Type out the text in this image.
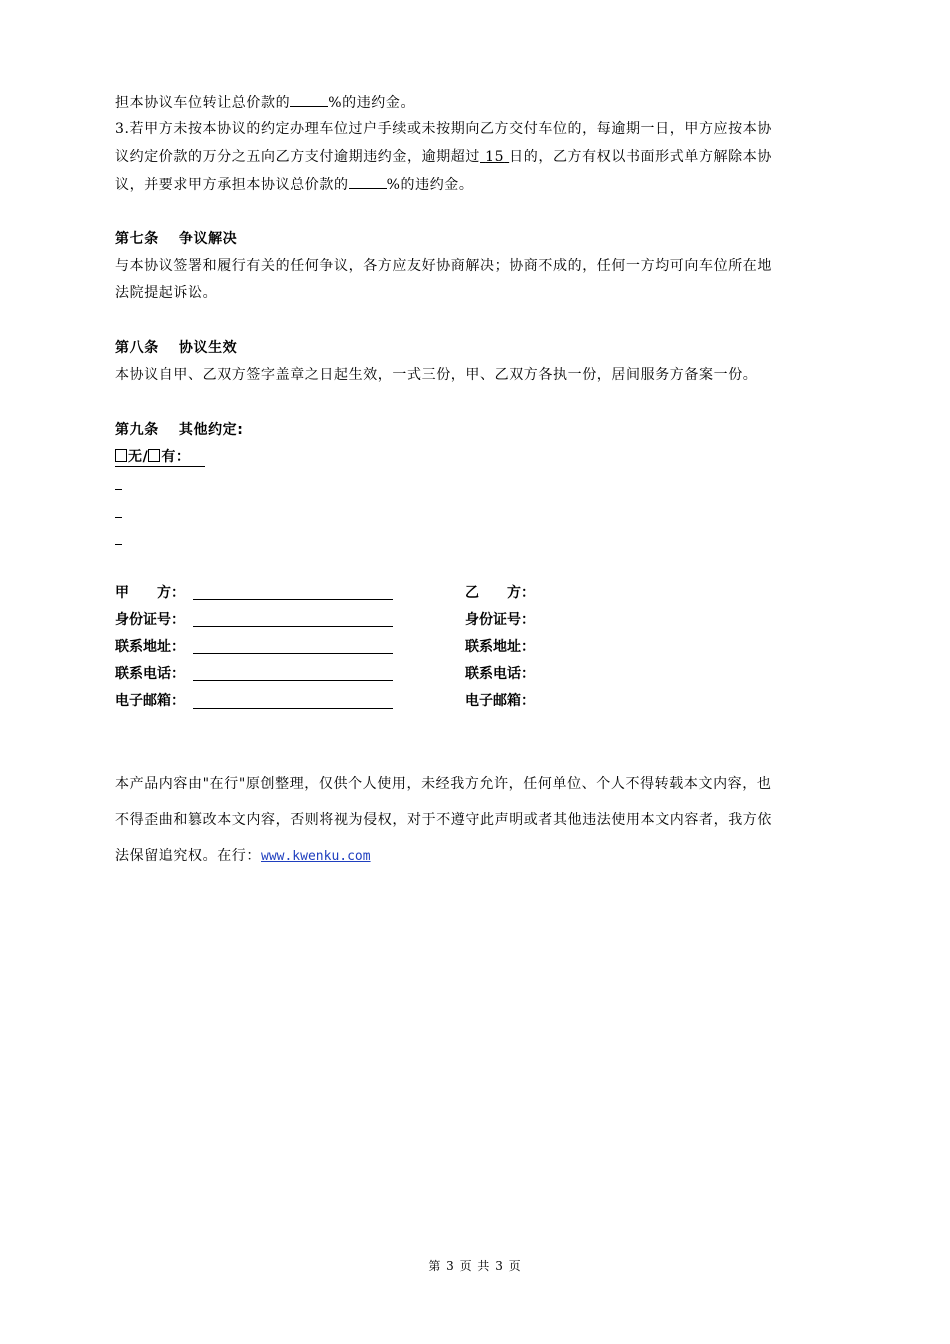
担本协议车位转让总价款的	%的违约金。
3.若甲方未按本协议的约定办理车位过户手续或未按期向乙方交付车位的，每逾期一日，甲方应按本协
议约定价款的万分之五向乙方支付逾期违约金，逾期超过 15 日的，乙方有权以书面形式单方解除本协
议，并要求甲方承担本协议总价款的	%的违约金。
第七条　 争议解决
与本协议签署和履行有关的任何争议，各方应友好协商解决；协商不成的，任何一方均可向车位所在地
法院提起诉讼。
第八条　 协议生效
本协议自甲、乙双方签字盖章之日起生效，一式三份，甲、乙双方各执一份，居间服务方备案一份。
第九条　 其他约定:
无/ 有：
甲　　方：
身份证号：
联系地址：
联系电话：
电子邮箱：
乙　　方：
身份证号：
联系地址：
联系电话：
电子邮箱：
本产品内容由"在行"原创整理，仅供个人使用，未经我方允许，任何单位、个人不得转载本文内容，也
不得歪曲和篡改本文内容，否则将视为侵权，对于不遵守此声明或者其他违法使用本文内容者，我方依
法保留追究权。在行：www.kwenku.com
第 3 页 共 3 页
